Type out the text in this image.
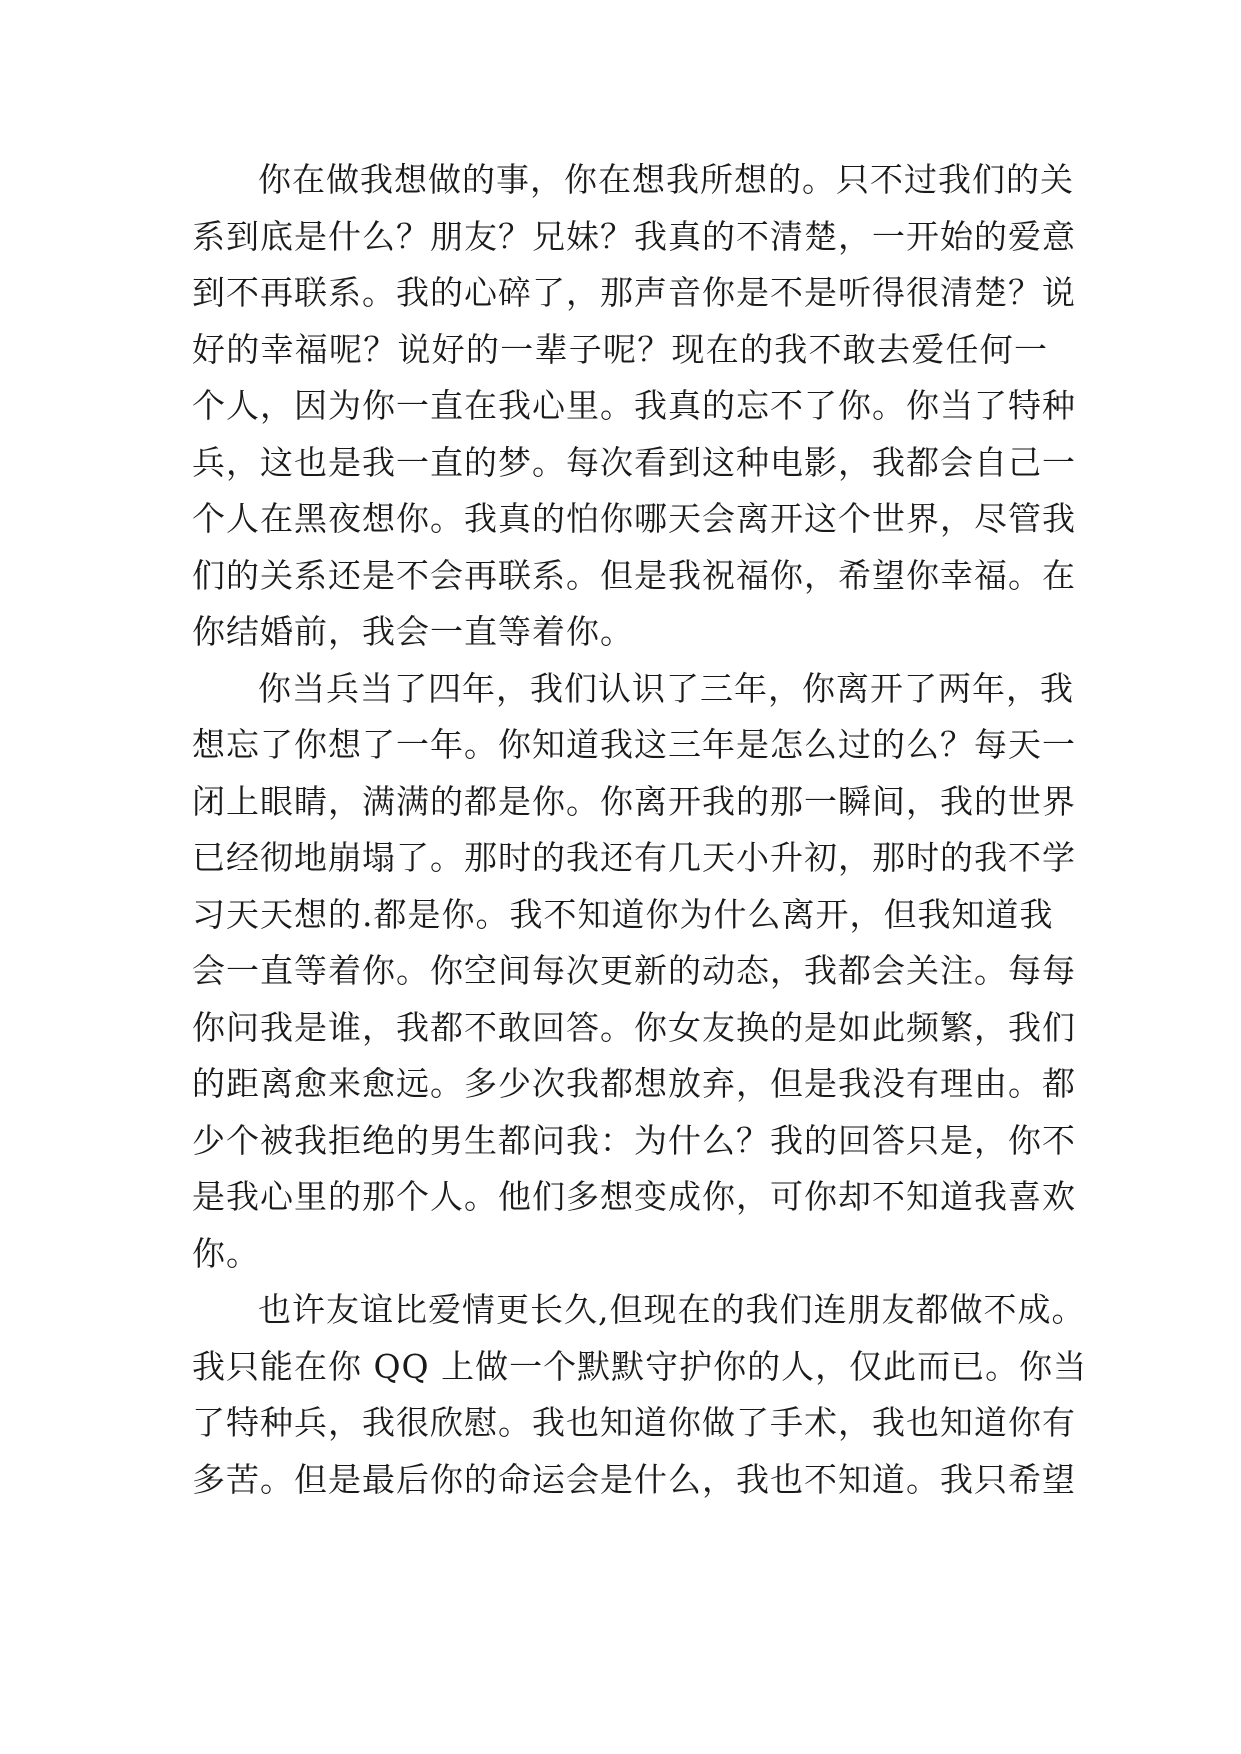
你在做我想做的事，你在想我所想的。只不过我们的关
系到底是什么？朋友？兄妹？我真的不清楚，一开始的爱意
到不再联系。我的心碎了，那声音你是不是听得很清楚？说
好的幸福呢？说好的一辈子呢？现在的我不敢去爱任何一
个人，因为你一直在我心里。我真的忘不了你。你当了特种
兵，这也是我一直的梦。每次看到这种电影，我都会自己一
个人在黑夜想你。我真的怕你哪天会离开这个世界，尽管我
们的关系还是不会再联系。但是我祝福你，希望你幸福。在
你结婚前，我会一直等着你。
你当兵当了四年，我们认识了三年，你离开了两年，我
想忘了你想了一年。你知道我这三年是怎么过的么？每天一
闭上眼睛，满满的都是你。你离开我的那一瞬间，我的世界
已经彻地崩塌了。那时的我还有几天小升初，那时的我不学
习天天想的.都是你。我不知道你为什么离开，但我知道我
会一直等着你。你空间每次更新的动态，我都会关注。每每
你问我是谁，我都不敢回答。你女友换的是如此频繁，我们
的距离愈来愈远。多少次我都想放弃，但是我没有理由。都
少个被我拒绝的男生都问我：为什么？我的回答只是，你不
是我心里的那个人。他们多想变成你，可你却不知道我喜欢
你。
也许友谊比爱情更长久,但现在的我们连朋友都做不成。
我只能在你 QQ 上做一个默默守护你的人，仅此而已。你当
了特种兵，我很欣慰。我也知道你做了手术，我也知道你有
多苦。但是最后你的命运会是什么，我也不知道。我只希望
